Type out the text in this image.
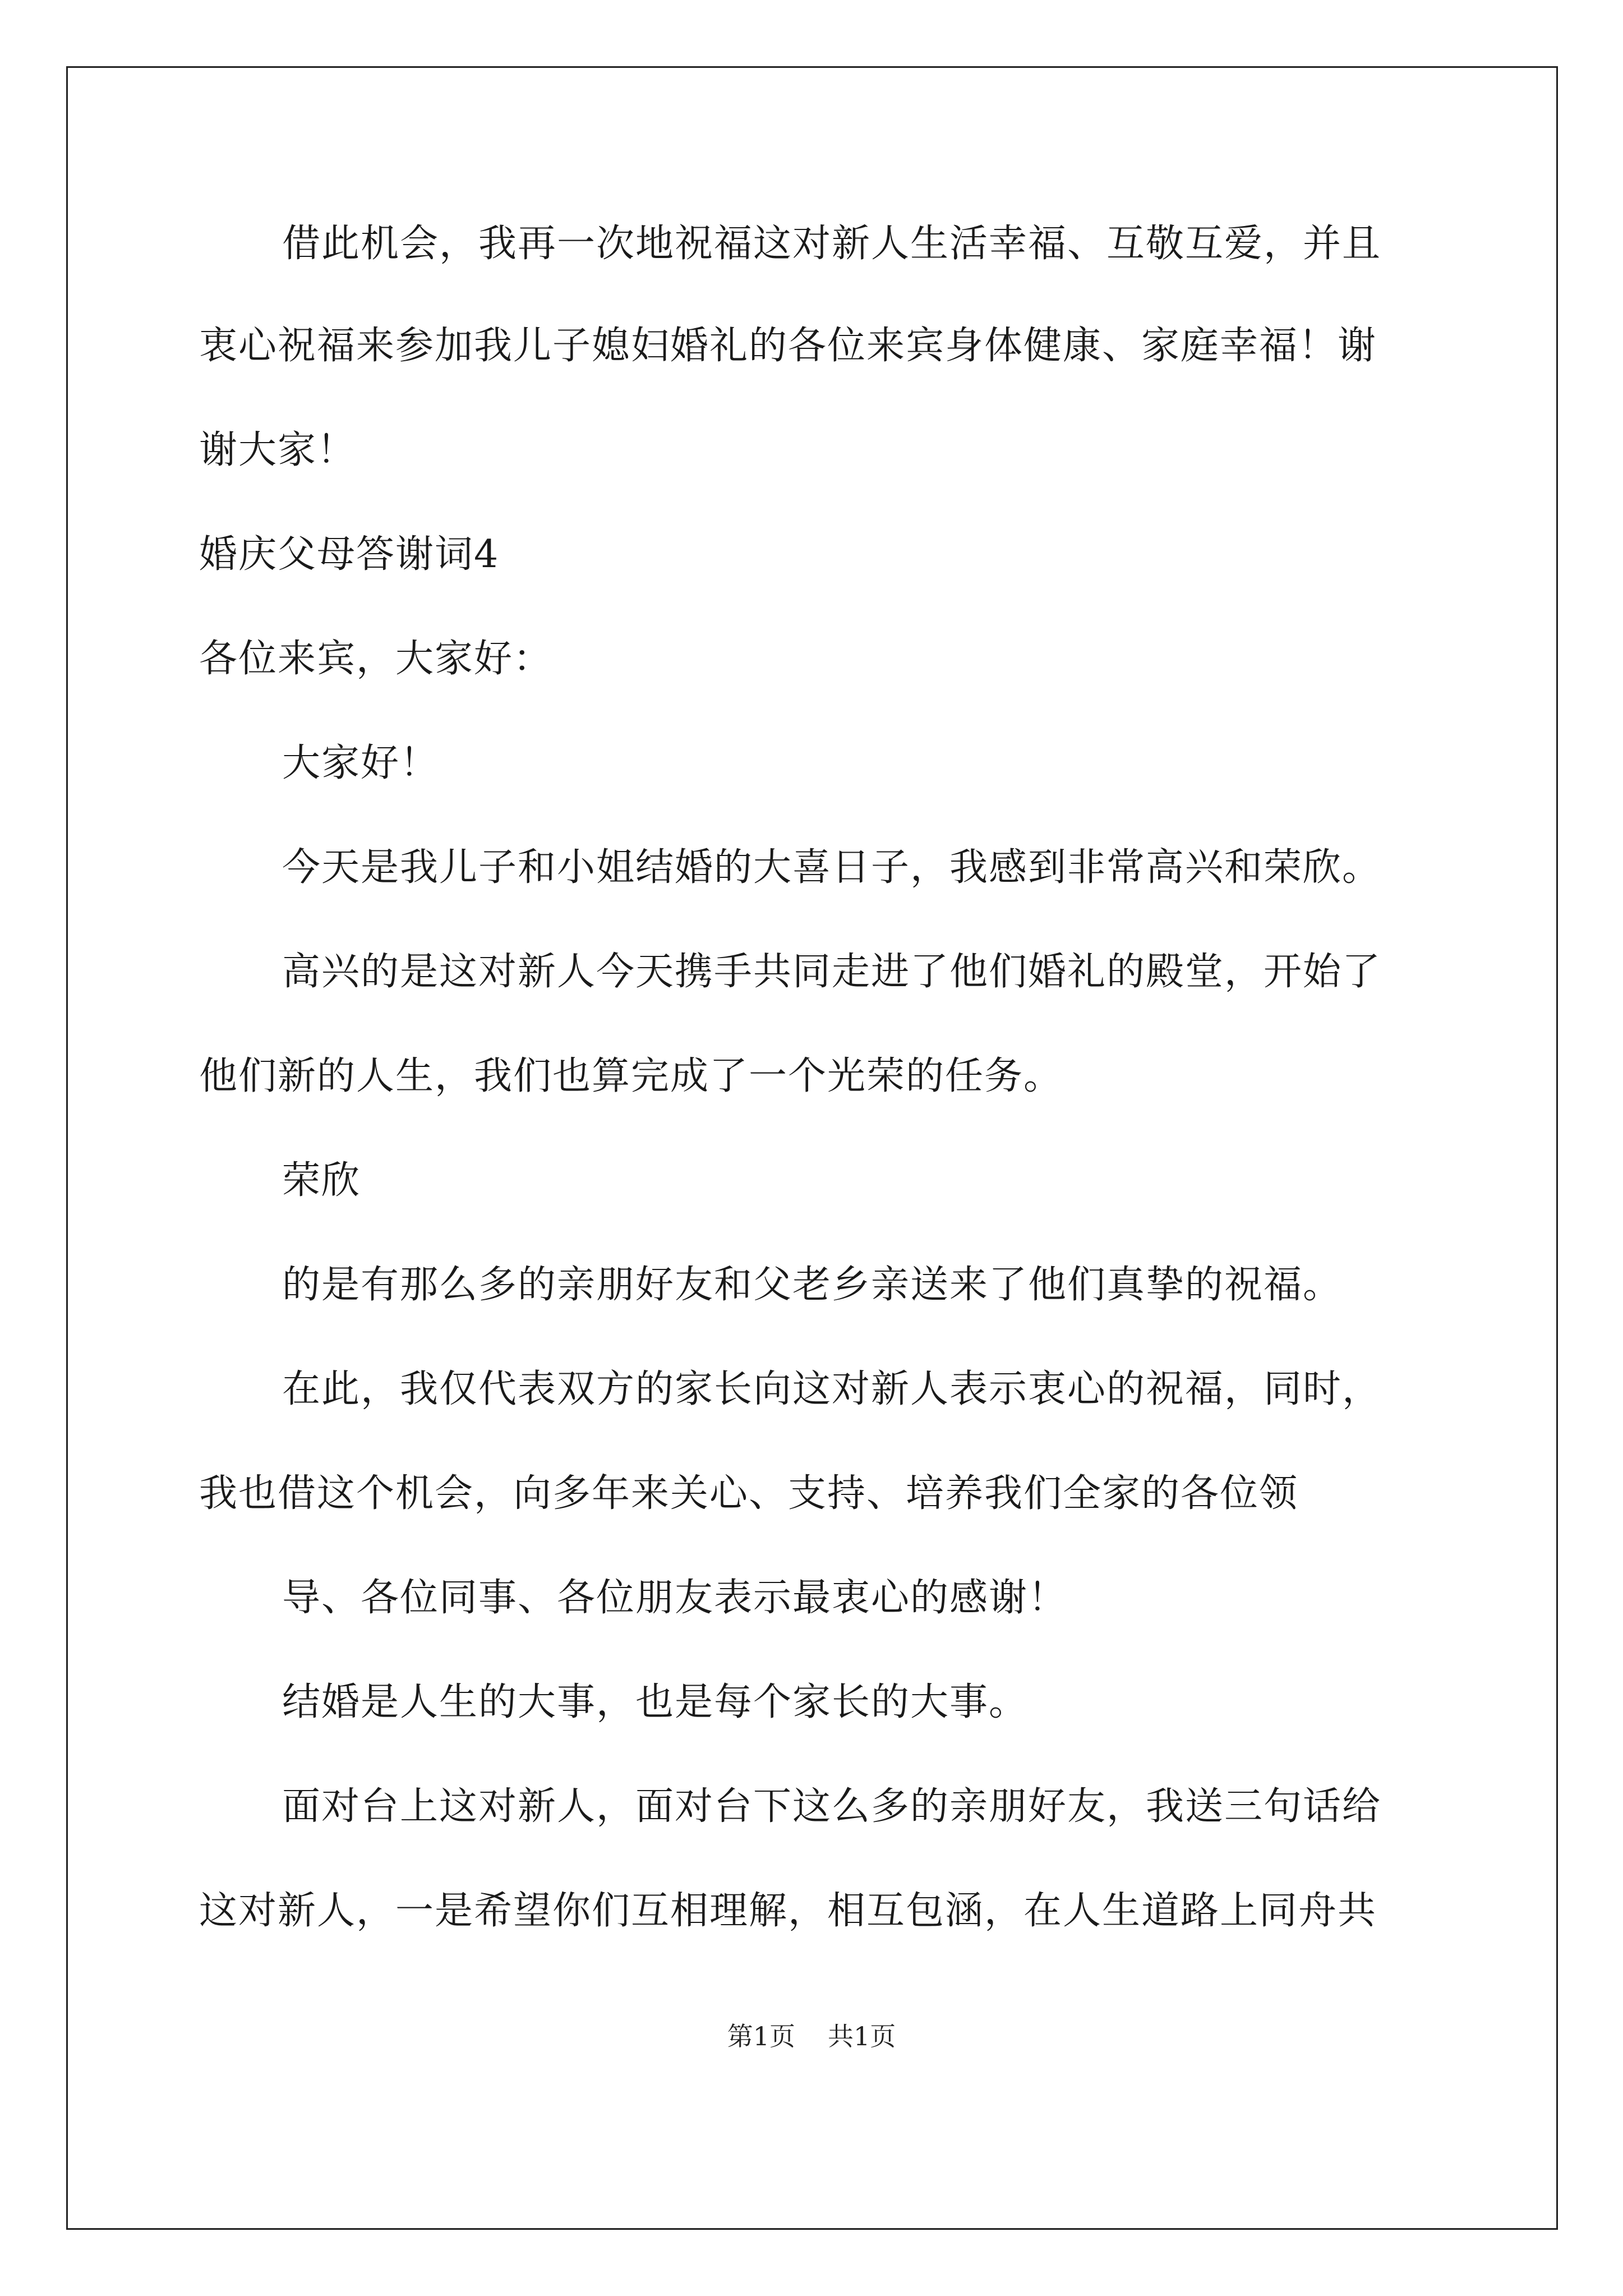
借此机会，我再一次地祝福这对新人生活幸福、互敬互爱，并且
衷心祝福来参加我儿子媳妇婚礼的各位来宾身体健康、家庭幸福！谢
谢大家！
婚庆父母答谢词4
各位来宾，大家好：
大家好！
今天是我儿子和小姐结婚的大喜日子，我感到非常高兴和荣欣。
高兴的是这对新人今天携手共同走进了他们婚礼的殿堂，开始了
他们新的人生，我们也算完成了一个光荣的任务。
荣欣
的是有那么多的亲朋好友和父老乡亲送来了他们真挚的祝福。
在此，我仅代表双方的家长向这对新人表示衷心的祝福，同时，
我也借这个机会，向多年来关心、支持、培养我们全家的各位领
导、各位同事、各位朋友表示最衷心的感谢！
结婚是人生的大事，也是每个家长的大事。
面对台上这对新人，面对台下这么多的亲朋好友，我送三句话给
这对新人，一是希望你们互相理解，相互包涵，在人生道路上同舟共
第1页 共1页
